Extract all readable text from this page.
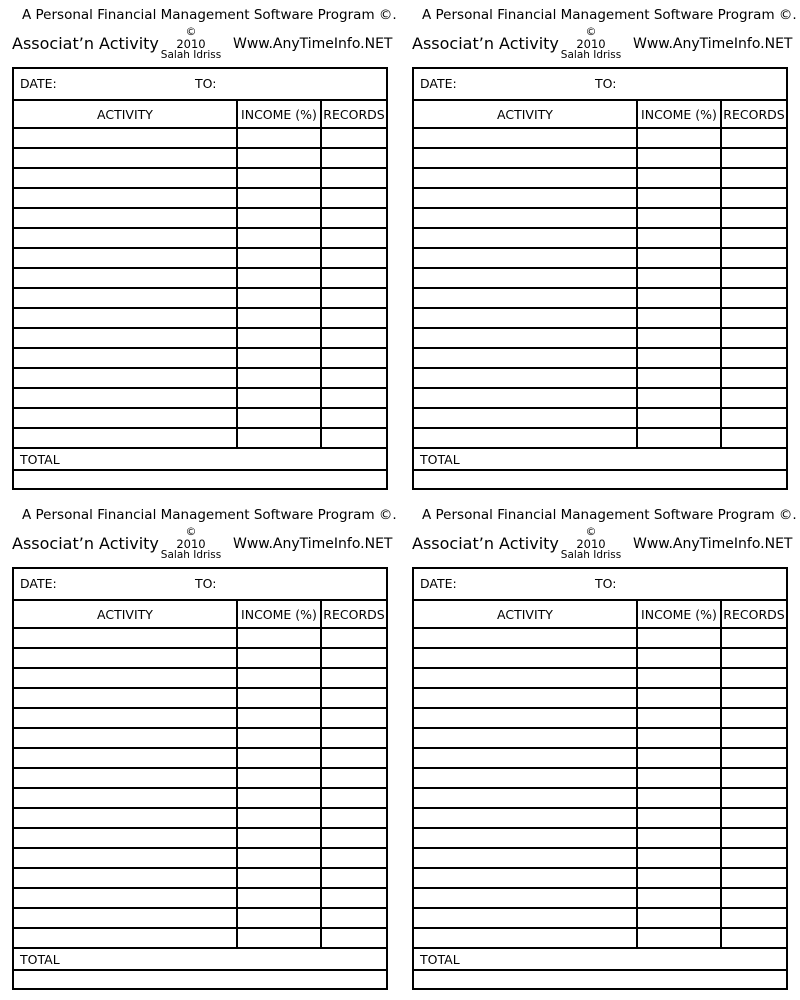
A Personal Financial Management Software Program ©.
Associat’n Activity
©
2010
Salah Idriss
Www.AnyTimeInfo.NET
DATE:	TO:
ACTIVITY	INCOME (%) RECORDS
TOTAL
A Personal Financial Management Software Program ©.
Associat’n Activity
©
2010
Salah Idriss
Www.AnyTimeInfo.NET
DATE:	TO:
ACTIVITY	INCOME (%) RECORDS
TOTAL
A Personal Financial Management Software Program ©.
Associat’n Activity
©
2010
Salah Idriss
Www.AnyTimeInfo.NET
DATE:	TO:
ACTIVITY	INCOME (%) RECORDS
TOTAL
A Personal Financial Management Software Program ©.
Associat’n Activity
©
2010
Salah Idriss
Www.AnyTimeInfo.NET
DATE:	TO:
ACTIVITY	INCOME (%) RECORDS
TOTAL
